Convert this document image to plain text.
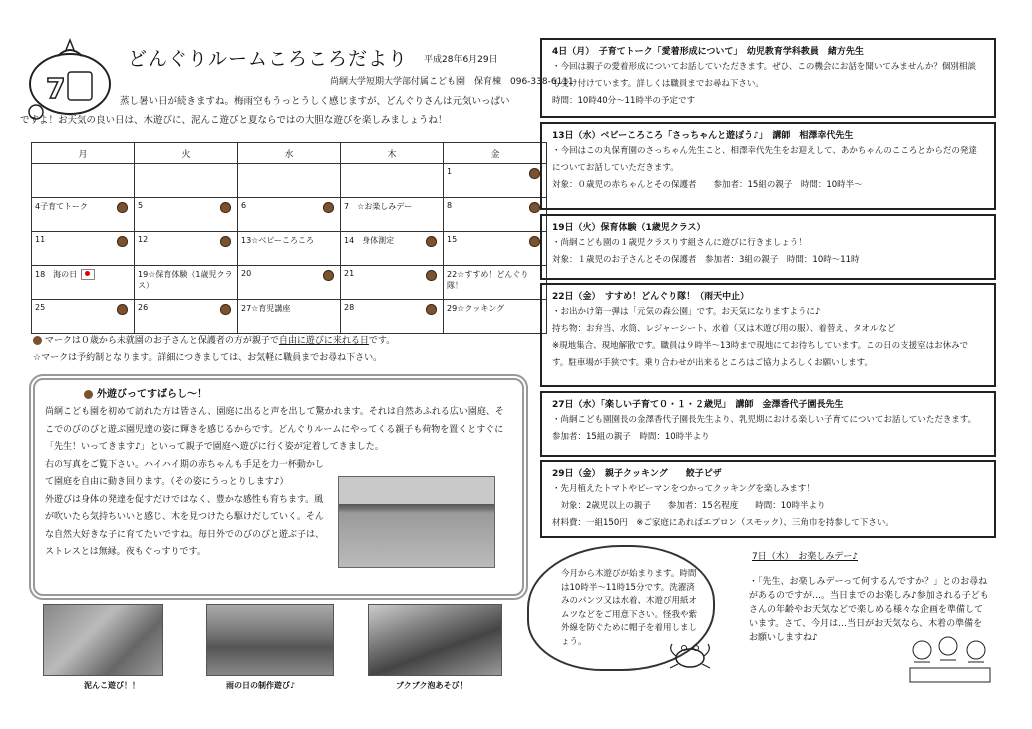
7
どんぐりルームころころだより 平成28年6月29日
尚絅大学短期大学部付属こども園　保育棟　096-338-6111
蒸し暑い日が続きますね。梅雨空もうっとうしく感じますが、どんぐりさんは元気いっぱいですよ！お天気の良い日は、木遊びに、泥んこ遊びと夏ならではの大胆な遊びを楽しみましょうね！
月	火	水	木	金
				1

4子育てトーク	5	6	7　☆お楽しみデー	8

11	12	13☆ベビーころころ	14　身体測定	15

18　海の日	19☆保育体験（1歳児クラス）	20	21	22☆すすめ！どんぐり隊！
25	26	27☆育児講座	28	29☆クッキング
マークは０歳から未就園のお子さんと保護者の方が親子で自由に遊びに来れる日です。
☆マークは予約制となります。詳細につきましては、お気軽に職員までお尋ね下さい。
外遊びってすばらし～！

尚絅こども園を初めて訪れた方は皆さん、園庭に出ると声を出して驚かれます。それは自然あふれる広い園庭、そこでのびのびと遊ぶ園児達の姿に輝きを感じるからです。どんぐりルームにやってくる親子も荷物を置くとすぐに「先生！いってきます♪」といって親子で園庭へ遊びに行く姿が定着してきました。

右の写真をご覧下さい。ハイハイ期の赤ちゃんも手足を力一杯動かして園庭を自由に動き回ります。（その姿にうっとりします♪）

外遊びは身体の発達を促すだけではなく、豊かな感性も育ちます。風が吹いたら気持ちいいと感じ、木を見つけたら駆けだしていく。そんな自然大好きな子に育てたいですね。毎日外でのびのびと遊ぶ子は、ストレスとは無縁。夜もぐっすりです。

泥んこ遊び！！	雨の日の制作遊び♪	ブクブク泡あそび！
4日（月）　子育てトーク「愛着形成について」　幼児教育学科教員　緒方先生
・今回は親子の愛着形成についてお話していただきます。ぜひ、この機会にお話を聞いてみませんか？個別相談も受け付けています。詳しくは職員までお尋ね下さい。
時間：10時40分～11時半の予定です
13日（水）ベビーころころ「さっちゃんと遊ぼう♪」　講師　相澤幸代先生
・今回はこの丸保育園のさっちゃん先生こと、相澤幸代先生をお迎えして、あかちゃんのこころとからだの発達についてお話していただきます。
対象：０歳児の赤ちゃんとその保護者　　参加者：15組の親子　時間：10時半～
19日（火）保育体験（1歳児クラス）
・尚絅こども園の１歳児クラスりす組さんに遊びに行きましょう！
対象：１歳児のお子さんとその保護者　参加者：3組の親子　時間：10時～11時
22日（金）　すすめ！どんぐり隊！（雨天中止）
・お出かけ第一弾は「元気の森公園」です。お天気になりますように♪
持ち物：お弁当、水筒、レジャーシート、水着（又は木遊び用の服）、着替え、タオルなど
※現地集合、現地解散です。職員は９時半～13時まで現地にてお待ちしています。この日の支援室はお休みです。駐車場が手狭です。乗り合わせが出来るところはご協力よろしくお願いします。
27日（水）「楽しい子育て０・１・２歳児」　講師　金澤香代子園長先生
・尚絅こども園園長の金澤香代子園長先生より、乳児期における楽しい子育てについてお話していただきます。　　参加者：15組の親子　時間：10時半より
29日（金）　親子クッキング　　餃子ピザ
・先月植えたトマトやピーマンをつかってクッキングを楽しみます！
　対象：2歳児以上の親子　　参加者：15名程度　　時間：10時半より
材料費：一組150円　※ご家庭にあればエプロン（スモック）、三角巾を持参して下さい。
今月から木遊びが始まります。時間は10時半～11時15分です。洗濯済みのパンツ又は水着、木遊び用紙オムツなどをご用意下さい。怪我や紫外線を防ぐために帽子を着用しましょう。
7日（木）　お楽しみデー♪
・「先生、お楽しみデーって何するんですか？」とのお尋ねがあるのですが…。当日までのお楽しみ♪参加される子どもさんの年齢やお天気などで楽しめる様々な企画を準備しています。さて、今月は…当日がお天気なら、木着の準備をお願いしますね♪
